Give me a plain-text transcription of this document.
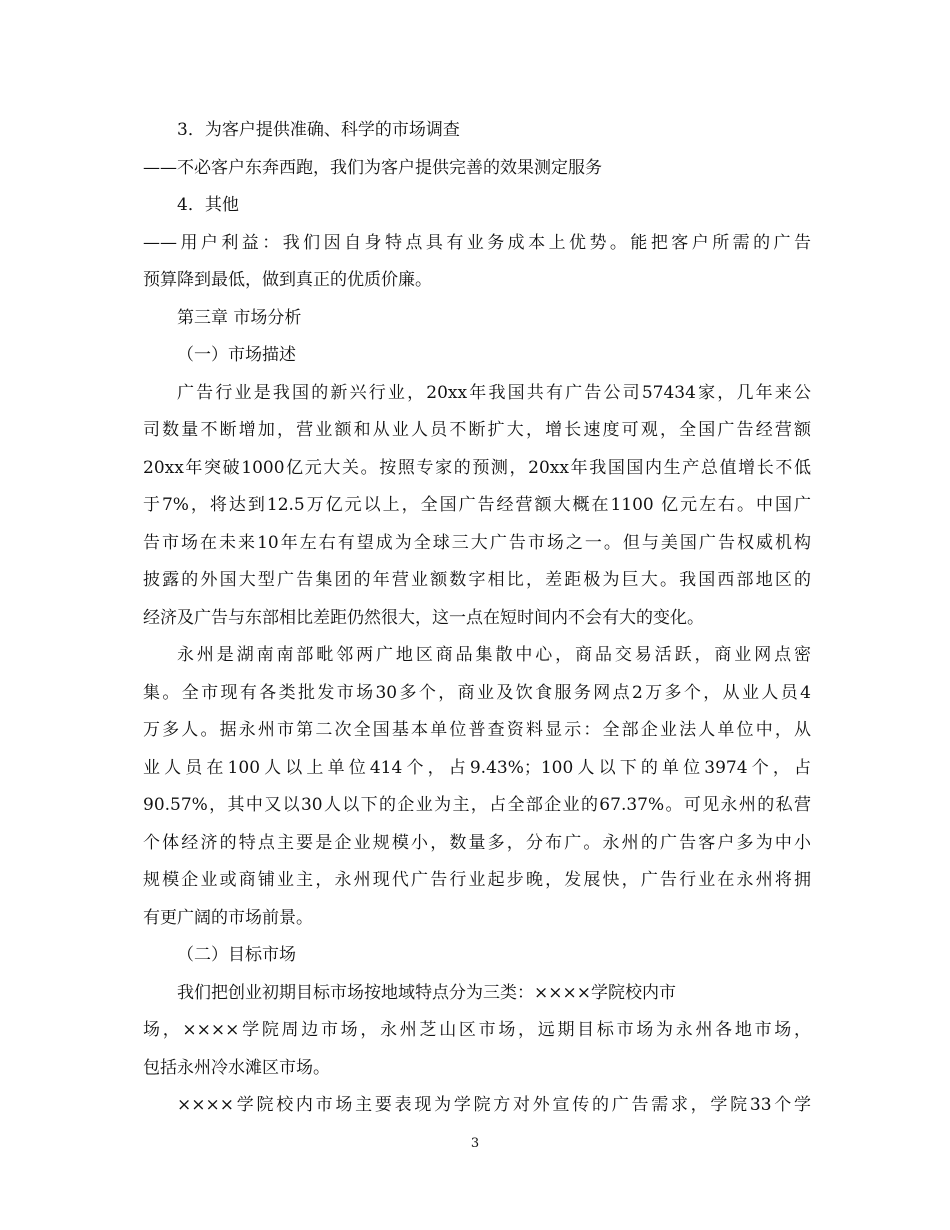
3．为客户提供准确、科学的市场调查
——不必客户东奔西跑，我们为客户提供完善的效果测定服务
4．其他
——用户利益：我们因自身特点具有业务成本上优势。能把客户所需的广告
预算降到最低，做到真正的优质价廉。
第三章 市场分析
（一）市场描述
广告行业是我国的新兴行业，20xx年我国共有广告公司57434家，几年来公
司数量不断增加，营业额和从业人员不断扩大，增长速度可观，全国广告经营额
20xx年突破1000亿元大关。按照专家的预测，20xx年我国国内生产总值增长不低
于7%，将达到12.5万亿元以上，全国广告经营额大概在1100 亿元左右。中国广
告市场在未来10年左右有望成为全球三大广告市场之一。但与美国广告权威机构
披露的外国大型广告集团的年营业额数字相比，差距极为巨大。我国西部地区的
经济及广告与东部相比差距仍然很大，这一点在短时间内不会有大的变化。
永州是湖南南部毗邻两广地区商品集散中心，商品交易活跃，商业网点密
集。全市现有各类批发市场30多个，商业及饮食服务网点2万多个，从业人员4
万多人。据永州市第二次全国基本单位普查资料显示：全部企业法人单位中，从
业人员在100人以上单位414个，占9.43%；100人以下的单位3974个，占
90.57%，其中又以30人以下的企业为主，占全部企业的67.37%。可见永州的私营
个体经济的特点主要是企业规模小，数量多，分布广。永州的广告客户多为中小
规模企业或商铺业主，永州现代广告行业起步晚，发展快，广告行业在永州将拥
有更广阔的市场前景。
（二）目标市场
我们把创业初期目标市场按地域特点分为三类：××××学院校内市
场，××××学院周边市场，永州芝山区市场，远期目标市场为永州各地市场，
包括永州冷水滩区市场。
××××学院校内市场主要表现为学院方对外宣传的广告需求，学院33个学
3
